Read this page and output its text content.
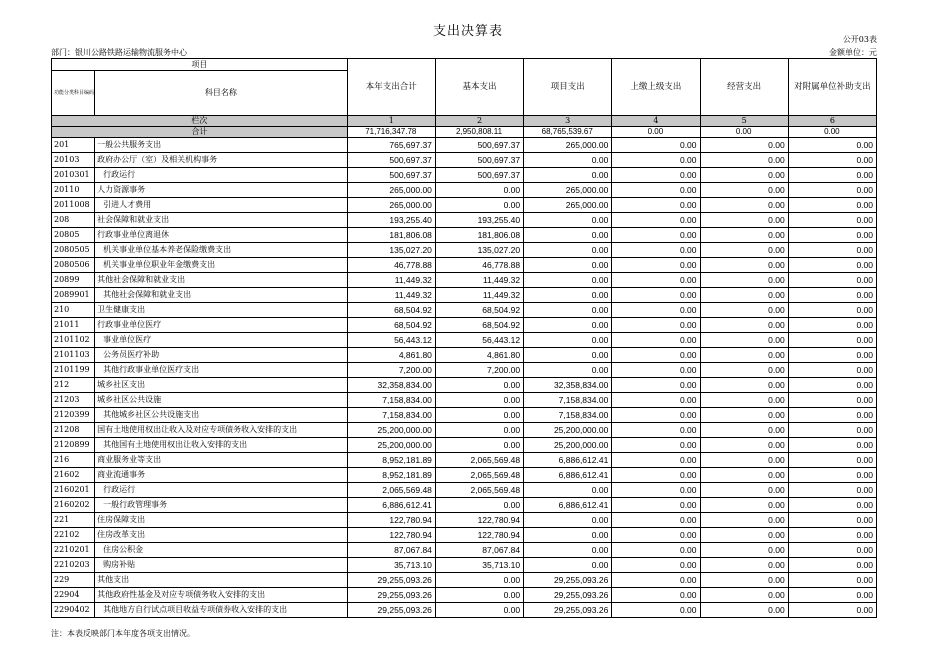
支出决算表
公开03表
部门：银川公路铁路运输物流服务中心	金额单位：元
项目		本年支出合计	基本支出	项目支出	上缴上级支出	经营支出	对附属单位补助支出
功能分类科目编码	科目名称						

栏次		1	2	3	4	5	6
合计		71,716,347.78	2,950,808.11	68,765,539.67	0.00	0.00	0.00
201	一般公共服务支出	765,697.37	500,697.37	265,000.00	0.00	0.00	0.00
20103	政府办公厅（室）及相关机构事务	500,697.37	500,697.37	0.00	0.00	0.00	0.00
2010301	行政运行	500,697.37	500,697.37	0.00	0.00	0.00	0.00
20110	人力资源事务	265,000.00	0.00	265,000.00	0.00	0.00	0.00
2011008	引进人才费用	265,000.00	0.00	265,000.00	0.00	0.00	0.00
208	社会保障和就业支出	193,255.40	193,255.40	0.00	0.00	0.00	0.00
20805	行政事业单位离退休	181,806.08	181,806.08	0.00	0.00	0.00	0.00
2080505	机关事业单位基本养老保险缴费支出	135,027.20	135,027.20	0.00	0.00	0.00	0.00
2080506	机关事业单位职业年金缴费支出	46,778.88	46,778.88	0.00	0.00	0.00	0.00
20899	其他社会保障和就业支出	11,449.32	11,449.32	0.00	0.00	0.00	0.00
2089901	其他社会保障和就业支出	11,449.32	11,449.32	0.00	0.00	0.00	0.00
210	卫生健康支出	68,504.92	68,504.92	0.00	0.00	0.00	0.00
21011	行政事业单位医疗	68,504.92	68,504.92	0.00	0.00	0.00	0.00
2101102	事业单位医疗	56,443.12	56,443.12	0.00	0.00	0.00	0.00
2101103	公务员医疗补助	4,861.80	4,861.80	0.00	0.00	0.00	0.00
2101199	其他行政事业单位医疗支出	7,200.00	7,200.00	0.00	0.00	0.00	0.00
212	城乡社区支出	32,358,834.00	0.00	32,358,834.00	0.00	0.00	0.00
21203	城乡社区公共设施	7,158,834.00	0.00	7,158,834.00	0.00	0.00	0.00
2120399	其他城乡社区公共设施支出	7,158,834.00	0.00	7,158,834.00	0.00	0.00	0.00
21208	国有土地使用权出让收入及对应专项债务收入安排的支出	25,200,000.00	0.00	25,200,000.00	0.00	0.00	0.00
2120899	其他国有土地使用权出让收入安排的支出	25,200,000.00	0.00	25,200,000.00	0.00	0.00	0.00
216	商业服务业等支出	8,952,181.89	2,065,569.48	6,886,612.41	0.00	0.00	0.00
21602	商业流通事务	8,952,181.89	2,065,569.48	6,886,612.41	0.00	0.00	0.00
2160201	行政运行	2,065,569.48	2,065,569.48	0.00	0.00	0.00	0.00
2160202	一般行政管理事务	6,886,612.41	0.00	6,886,612.41	0.00	0.00	0.00
221	住房保障支出	122,780.94	122,780.94	0.00	0.00	0.00	0.00
22102	住房改革支出	122,780.94	122,780.94	0.00	0.00	0.00	0.00
2210201	住房公积金	87,067.84	87,067.84	0.00	0.00	0.00	0.00
2210203	购房补贴	35,713.10	35,713.10	0.00	0.00	0.00	0.00
229	其他支出	29,255,093.26	0.00	29,255,093.26	0.00	0.00	0.00
22904	其他政府性基金及对应专项债务收入安排的支出	29,255,093.26	0.00	29,255,093.26	0.00	0.00	0.00
2290402	其他地方自行试点项目收益专项债券收入安排的支出	29,255,093.26	0.00	29,255,093.26	0.00	0.00	0.00
注：本表反映部门本年度各项支出情况。
